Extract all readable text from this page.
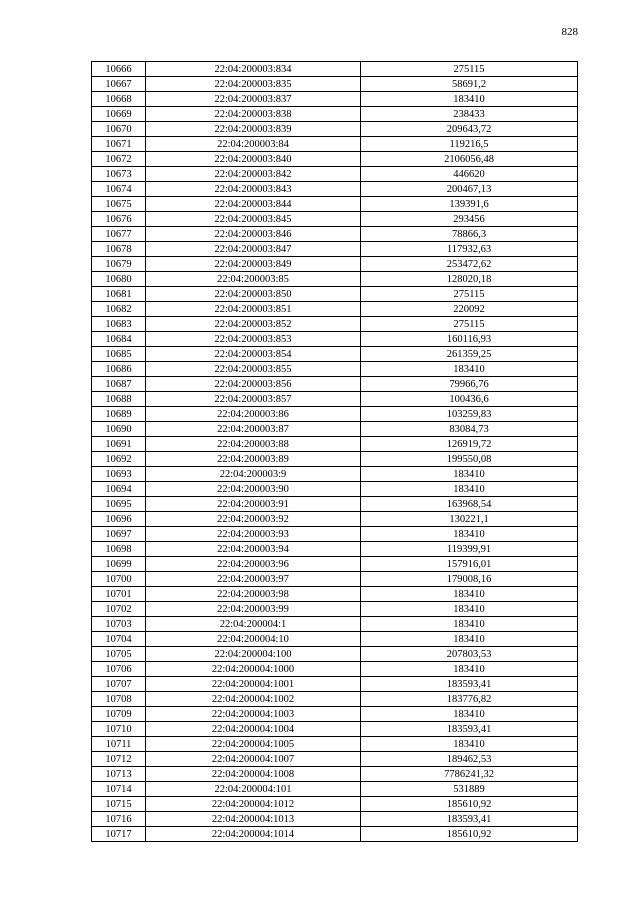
828
10666	22:04:200003:834	275115
10667	22:04:200003:835	58691,2
10668	22:04:200003:837	183410
10669	22:04:200003:838	238433
10670	22:04:200003:839	209643,72
10671	22:04:200003:84	119216,5
10672	22:04:200003:840	2106056,48
10673	22:04:200003:842	446620
10674	22:04:200003:843	200467,13
10675	22:04:200003:844	139391,6
10676	22:04:200003:845	293456
10677	22:04:200003:846	78866,3
10678	22:04:200003:847	117932,63
10679	22:04:200003:849	253472,62
10680	22:04:200003:85	128020,18
10681	22:04:200003:850	275115
10682	22:04:200003:851	220092
10683	22:04:200003:852	275115
10684	22:04:200003:853	160116,93
10685	22:04:200003:854	261359,25
10686	22:04:200003:855	183410
10687	22:04:200003:856	79966,76
10688	22:04:200003:857	100436,6
10689	22:04:200003:86	103259,83
10690	22:04:200003:87	83084,73
10691	22:04:200003:88	126919,72
10692	22:04:200003:89	199550,08
10693	22:04:200003:9	183410
10694	22:04:200003:90	183410
10695	22:04:200003:91	163968,54
10696	22:04:200003:92	130221,1
10697	22:04:200003:93	183410
10698	22:04:200003:94	119399,91
10699	22:04:200003:96	157916,01
10700	22:04:200003:97	179008,16
10701	22:04:200003:98	183410
10702	22:04:200003:99	183410
10703	22:04:200004:1	183410
10704	22:04:200004:10	183410
10705	22:04:200004:100	207803,53
10706	22:04:200004:1000	183410
10707	22:04:200004:1001	183593,41
10708	22:04:200004:1002	183776,82
10709	22:04:200004:1003	183410
10710	22:04:200004:1004	183593,41
10711	22:04:200004:1005	183410
10712	22:04:200004:1007	189462,53
10713	22:04:200004:1008	7786241,32
10714	22:04:200004:101	531889
10715	22:04:200004:1012	185610,92
10716	22:04:200004:1013	183593,41
10717	22:04:200004:1014	185610,92
